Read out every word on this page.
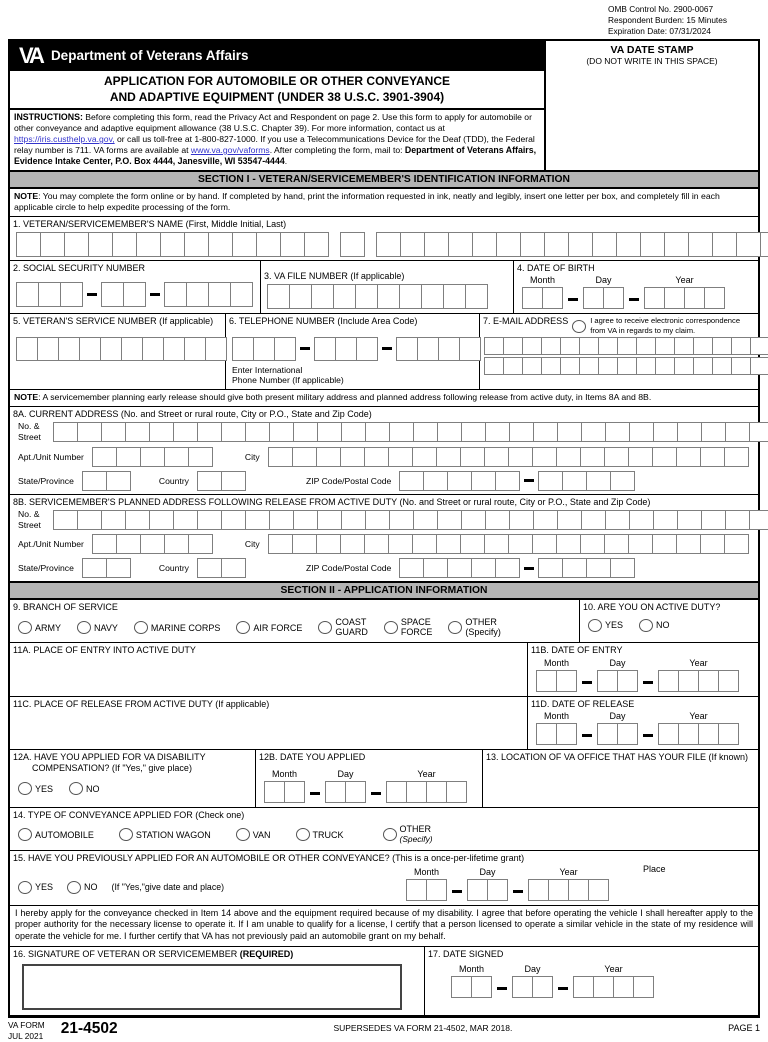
OMB Control No. 2900-0067
Respondent Burden: 15 Minutes
Expiration Date: 07/31/2024
VA Department of Veterans Affairs
APPLICATION FOR AUTOMOBILE OR OTHER CONVEYANCE
AND ADAPTIVE EQUIPMENT (UNDER 38 U.S.C. 3901-3904)
INSTRUCTIONS: Before completing this form, read the Privacy Act and Respondent on page 2. Use this form to apply for automobile or other conveyance and adaptive equipment allowance (38 U.S.C. Chapter 39). For more information, contact us at https://iris.custhelp.va.gov, or call us toll-free at 1-800-827-1000. If you use a Telecommunications Device for the Deaf (TDD), the Federal relay number is 711. VA forms are available at www.va.gov/vaforms. After completing the form, mail to: Department of Veterans Affairs, Evidence Intake Center, P.O. Box 4444, Janesville, WI 53547-4444.
VA DATE STAMP
(DO NOT WRITE IN THIS SPACE)
SECTION I - VETERAN/SERVICEMEMBER'S IDENTIFICATION INFORMATION
NOTE: You may complete the form online or by hand. If completed by hand, print the information requested in ink, neatly and legibly, insert one letter per box, and completely fill in each applicable circle to help expedite processing of the form.
1. VETERAN/SERVICEMEMBER'S NAME (First, Middle Initial, Last)
2. SOCIAL SECURITY NUMBER
3. VA FILE NUMBER (If applicable)
4. DATE OF BIRTH
Month	Day	Year
5. VETERAN'S SERVICE NUMBER (If applicable)	6. TELEPHONE NUMBER (Include Area Code)
Enter International
Phone Number (If applicable)
7. E-MAIL ADDRESS	I agree to receive electronic correspondence from VA in regards to my claim.
NOTE: A servicemember planning early release should give both present military address and planned address following release from active duty, in Items 8A and 8B.
8A. CURRENT ADDRESS (No. and Street or rural route, City or P.O., State and Zip Code)
No. &
Street
Apt./Unit Number	City
State/Province	Country	ZIP Code/Postal Code
8B. SERVICEMEMBER'S PLANNED ADDRESS FOLLOWING RELEASE FROM ACTIVE DUTY (No. and Street or rural route, City or P.O., State and Zip Code)
No. &
Street
Apt./Unit Number	City
State/Province	Country	ZIP Code/Postal Code
SECTION II - APPLICATION INFORMATION
9. BRANCH OF SERVICE
ARMY	NAVY	MARINE CORPS	AIR FORCE
COAST
GUARD
SPACE
FORCE
OTHER
(Specify)
10. ARE YOU ON ACTIVE DUTY?
YES	NO
11A. PLACE OF ENTRY INTO ACTIVE DUTY	11B. DATE OF ENTRY
Month	Day	Year
11C. PLACE OF RELEASE FROM ACTIVE DUTY (If applicable)	11D. DATE OF RELEASE
Month	Day	Year
12A. HAVE YOU APPLIED FOR VA DISABILITY
COMPENSATION? (If "Yes," give place)
YES	NO
12B. DATE YOU APPLIED
Month	Day	Year
13. LOCATION OF VA OFFICE THAT HAS YOUR FILE (If known)
14. TYPE OF CONVEYANCE APPLIED FOR (Check one)
AUTOMOBILE	STATION WAGON	VAN	TRUCK
OTHER
(Specify)
15. HAVE YOU PREVIOUSLY APPLIED FOR AN AUTOMOBILE OR OTHER CONVEYANCE? (This is a once-per-lifetime grant)
YES	NO (If "Yes,"give date and place)
Month	Day	Year	Place
I hereby apply for the conveyance checked in Item 14 above and the equipment required because of my disability. I agree that before operating the vehicle I shall hereafter apply to the proper authority for the necessary license to operate it. If I am unable to qualify for a license, I certify that a person licensed to operate a similar vehicle in the state of my residence will operate the vehicle for me. I further certify that VA has not previously paid an automobile grant on my behalf.
16. SIGNATURE OF VETERAN OR SERVICEMEMBER (REQUIRED)	17. DATE SIGNED
Month	Day	Year
VA FORM
JUL 2021 21-4502	SUPERSEDES VA FORM 21-4502, MAR 2018.	PAGE 1
